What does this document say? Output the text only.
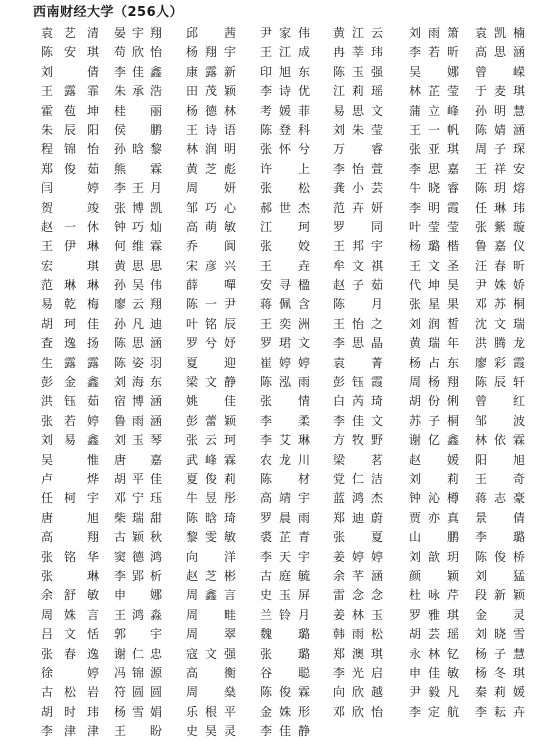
西南财经大学（256人）
袁艺清 晏宇翔 邱　茜 尹家伟 黄江云 刘雨箫 袁凯楠
陈安琪 苟欣怡 杨翔宇 王江成 冉莘玮 李若昕 高思涵
刘　倩 李佳鑫 康露新 印旭东 陈玉强 吴　娜 曾　嵘
王露霏 朱承浩 田茂颖 李诗优 江莉瑶 林芷莹 于麦琪
霍苞坤 桂　丽 杨德林 考媛菲 易思文 蒲立峰 孙明慧
朱辰阳 侯　鹏 王诗语 陈登科 刘朱莹 王一帆 陈婧涵
程锦怡 孙晗黎 林润明 张怀兮 万　睿 张亚琪 周子琛
郑俊茹 熊　霖 黄芝彪 许　上 李怡萱 李思嘉 王祥安
闫　婷 李王月 周　妍 张　松 龚小芸 牛晓睿 陈玥熔
贺　竣 张博凯 邹巧心 郝世杰 范卉妍 李明霞 任琳玮
赵一休 钟巧灿 高萌敏 江　珂 罗　同 叶莹莹 张紫璇
王伊琳 何维霖 乔　阆 张　姣 王邦宇 杨璐楷 鲁嘉仪
宏　琪 黄思思 宋彦兴 王　垚 牟文祺 王文圣 汪春昕
范琳琳 孙吴伟 薛　嘽 安寻楹 赵子茹 代坤昊 尹姝娇
易乾梅 廖云翔 陈一尹 蒋佩含 陈　月 张星果 邓苏桐
胡珂佳 孙凡迪 叶铭辰 王奕洲 王怡之 刘润皙 沈文瑞
査逸扬 陈思涵 罗兮妤 罗珺文 李思晶 黄瑞年 洪腾龙
生露露 陈姿羽 夏　迎 崔婷婷 袁　菁 杨占东 廖彩霞
彭金鑫 刘海东 梁文静 陈泓雨 彭钰霞 周杨翔 陈辰轩
洪钰茹 宿博涵 姚　佳 张　情 白芮琦 胡份俐 曾　红
张若婷 鲁雨涵 彭蕾颖 李　柔 李佳文 苏子桐 邹　波
刘易鑫 刘玉琴 张云珂 李艾琳 方牧野 谢亿鑫 林依霖
吴　惟 唐　嘉 武峰霖 农龙川 梁　茗 赵　媛 阳　旭
卢　烨 胡平佳 夏俊莉 陈　材 党仁洁 刘　莉 王　奇
任柯宇 邓宁珏 牛昱彤 高靖宇 蓝鸿杰 钟沁樽 蒋志豪
唐　旭 柴瑞甜 陈晗琦 罗晨雨 郑迪蔚 贾亦真 景　倩
高　翔 古颖秋 黎雯敏 裘芷青 张　夏 山　鹏 李　璐
张铭华 窦德鸿 向　洋 李天宇 姜婷婷 刘歆玥 陈俊桥
张　琳 李郢析 赵芝彬 古庭毓 余芊涵 颜　颖 刘　猛
余舒敏 申　娜 周鑫言 史玉屏 雷念念 杜咏芹 段新颖
周姝言 王鸿淼 周　畦 兰铃月 姜林玉 罗雅琪 金　灵
吕文恬 郭　宇 周　翠 魏　璐 韩雨松 胡芸瑶 刘晓雪
张春逸 谢仁忠 寇文强 张　璐 郑澳琪 永林钇 杨子慧
徐　婷 冯锦源 高　衡 谷　聪 李光启 申佳敏 杨冬琪
古松岩 符圆圆 周　燊 陈俊霖 向欣越 尹毅凡 秦莉媛
胡时玮 杨雪娟 乐根平 金姝形 邓欣怡 李定航 李耘卉
李津津 王　盼 史昊灵 李佳静
